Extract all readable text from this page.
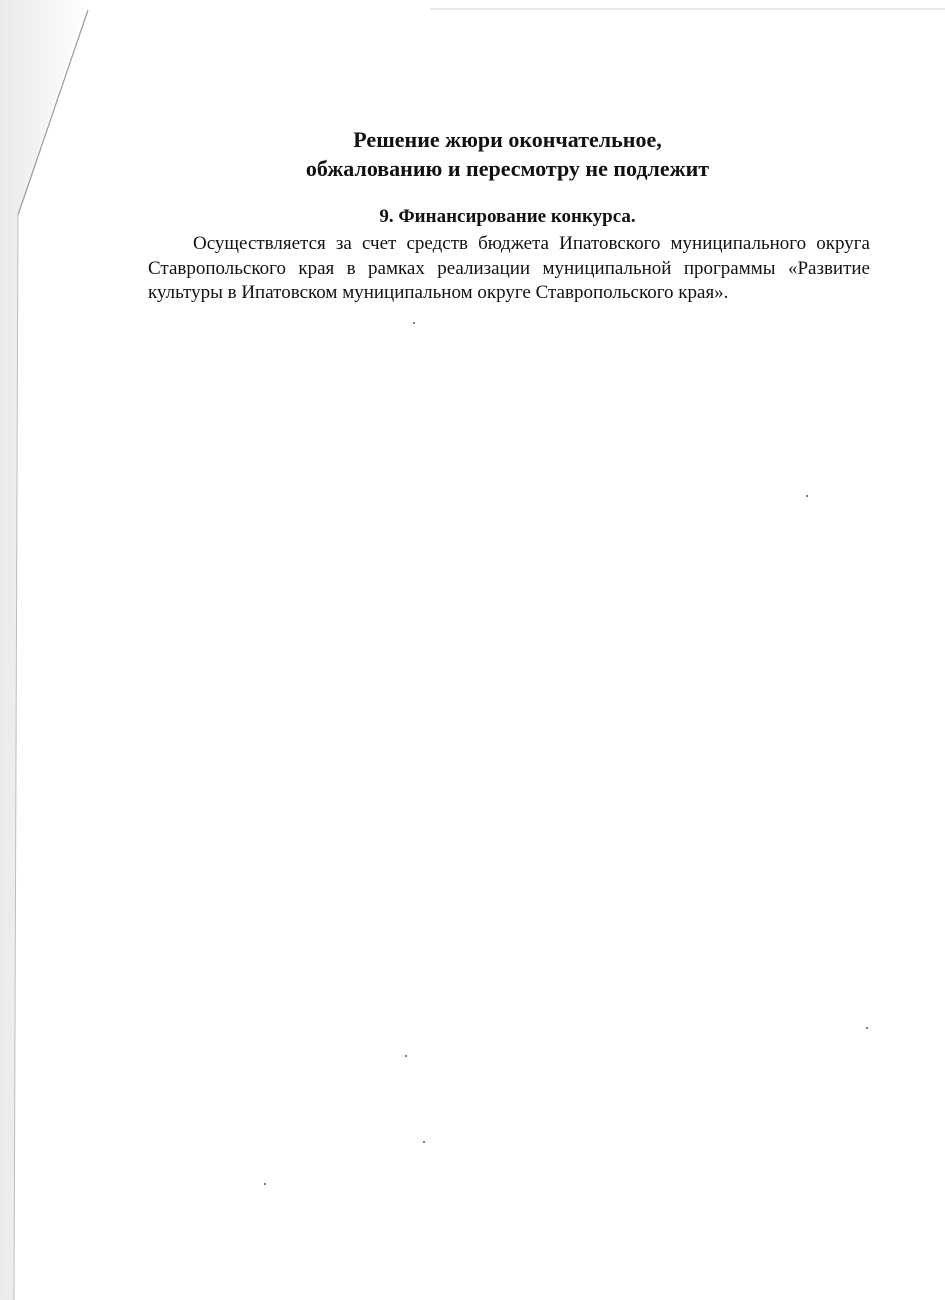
Решение жюри окончательное,
обжалованию и пересмотру не подлежит
9. Финансирование конкурса.

Осуществляется за счет средств бюджета Ипатовского муниципального округа Ставропольского края в рамках реализации муниципальной программы «Развитие культуры в Ипатовском муниципальном округе Ставропольского края».
